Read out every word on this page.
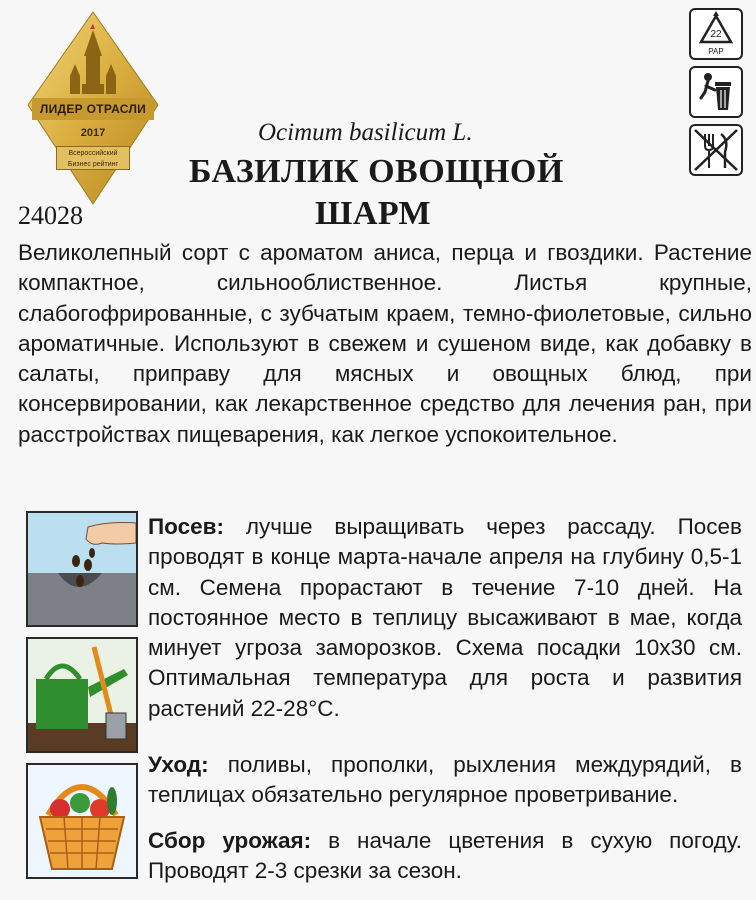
ЛИДЕР ОТРАСЛИ
2017
Всероссийский Бизнес рейтинг
Ocimum basilicum L.
БАЗИЛИК ОВОЩНОЙ
ШАРМ
24028
22
PAP

Великолепный сорт с ароматом аниса, перца и гвоздики. Растение компактное, сильнооблиственное. Листья крупные, слабогофрированные, с зубчатым краем, темно-фиолетовые, сильно ароматичные. Используют в свежем и сушеном виде, как добавку в салаты, приправу для мясных и овощных блюд, при консервировании, как лекарственное средство для лечения ран, при расстройствах пищеварения, как легкое успокоительное.

Посев: лучше выращивать через рассаду. Посев проводят в конце марта-начале апреля на глубину 0,5-1 см. Семена прорастают в течение 7-10 дней. На постоянное место в теплицу высаживают в мае, когда минует угроза заморозков. Схема посадки 10x30 см. Оптимальная температура для роста и развития растений 22-28°C.

Уход: поливы, прополки, рыхления междурядий, в теплицах обязательно регулярное проветривание.

Сбор урожая: в начале цветения в сухую погоду. Проводят 2-3 срезки за сезон.
